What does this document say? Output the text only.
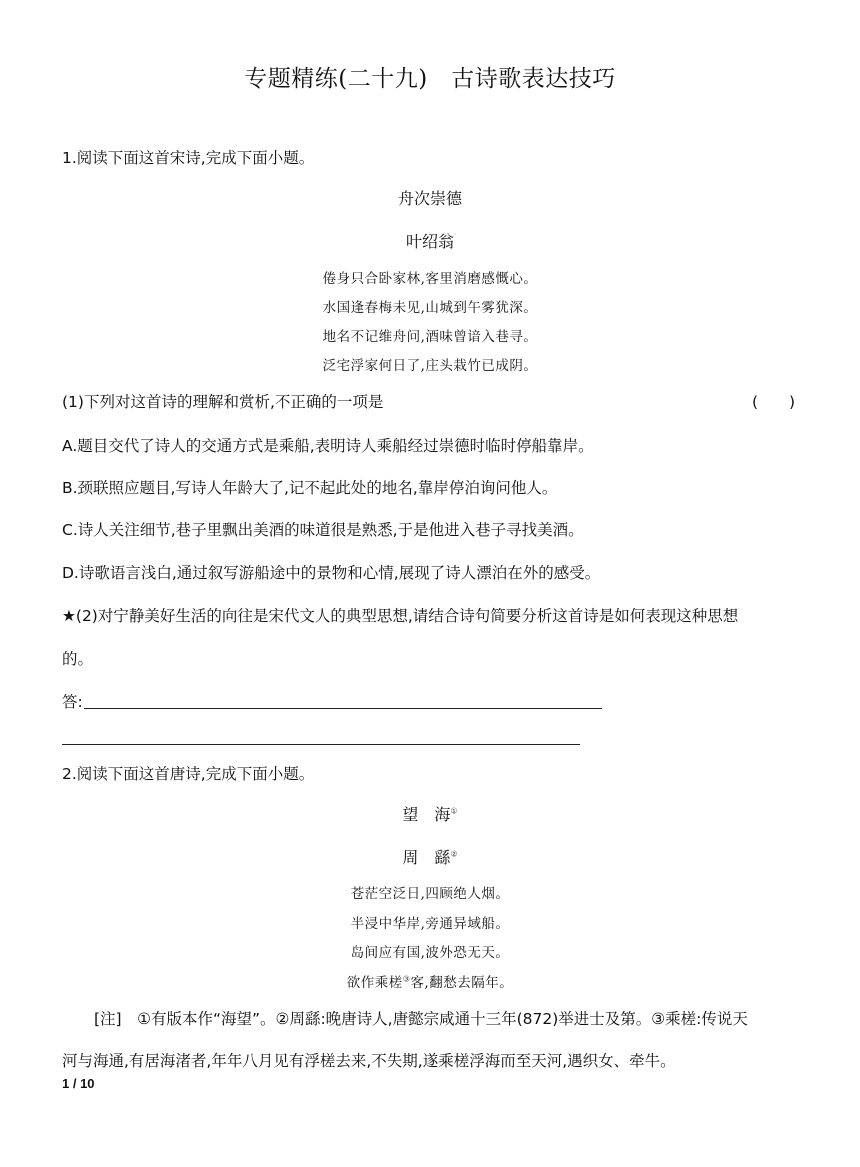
专题精练(二十九)　古诗歌表达技巧
1.阅读下面这首宋诗,完成下面小题。
舟次崇德
叶绍翁
倦身只合卧家林,客里消磨感慨心。
水国逢春梅未见,山城到午雾犹深。
地名不记维舟问,酒味曾谙入巷寻。
泛宅浮家何日了,庄头栽竹已成阴。
(1)下列对这首诗的理解和赏析,不正确的一项是	(　　)
A.题目交代了诗人的交通方式是乘船,表明诗人乘船经过崇德时临时停船靠岸。
B.颈联照应题目,写诗人年龄大了,记不起此处的地名,靠岸停泊询问他人。
C.诗人关注细节,巷子里飘出美酒的味道很是熟悉,于是他进入巷子寻找美酒。
D.诗歌语言浅白,通过叙写游船途中的景物和心情,展现了诗人漂泊在外的感受。
★(2)对宁静美好生活的向往是宋代文人的典型思想,请结合诗句简要分析这首诗是如何表现这种思想
的。
答:
2.阅读下面这首唐诗,完成下面小题。
望　海①
周　繇②
苍茫空泛日,四顾绝人烟。
半浸中华岸,旁通异域船。
岛间应有国,波外恐无天。
欲作乘槎③客,翻愁去隔年。
[注]　①有版本作“海望”。②周繇:晚唐诗人,唐懿宗咸通十三年(872)举进士及第。③乘槎:传说天
河与海通,有居海渚者,年年八月见有浮槎去来,不失期,遂乘槎浮海而至天河,遇织女、牵牛。
1 / 10
